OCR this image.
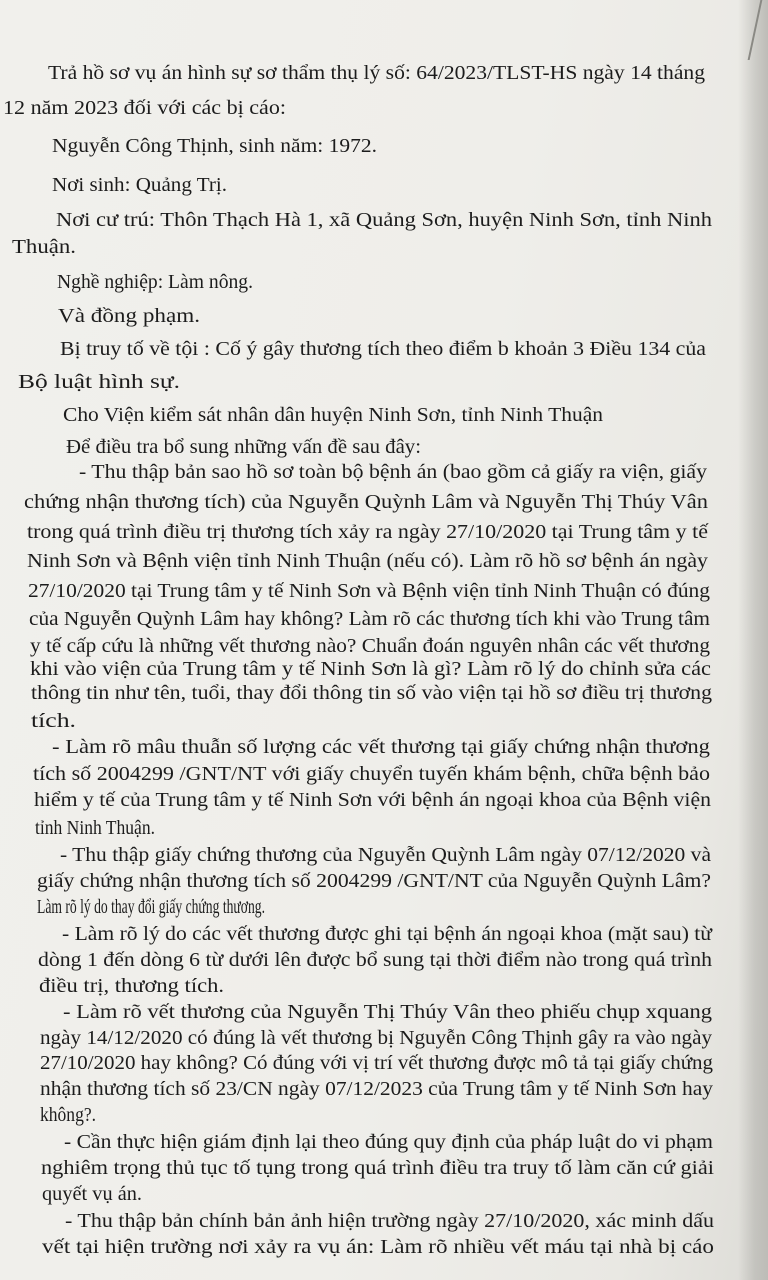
Trả hồ sơ vụ án hình sự sơ thẩm thụ lý số: 64/2023/TLST-HS ngày 14 tháng
12 năm 2023 đối với các bị cáo:
Nguyễn Công Thịnh, sinh năm: 1972.
Nơi sinh: Quảng Trị.
Nơi cư trú: Thôn Thạch Hà 1, xã Quảng Sơn, huyện Ninh Sơn, tỉnh Ninh
Thuận.
Nghề nghiệp: Làm nông.
Và đồng phạm.
Bị truy tố về tội : Cố ý gây thương tích theo điểm b khoản 3 Điều 134 của
Bộ luật hình sự.
Cho Viện kiểm sát nhân dân huyện Ninh Sơn, tỉnh Ninh Thuận
Để điều tra bổ sung những vấn đề sau đây:
- Thu thập bản sao hồ sơ toàn bộ bệnh án (bao gồm cả giấy ra viện, giấy
chứng nhận thương tích) của Nguyễn Quỳnh Lâm và Nguyễn Thị Thúy Vân
trong quá trình điều trị thương tích xảy ra ngày 27/10/2020 tại Trung tâm y tế
Ninh Sơn và Bệnh viện tỉnh Ninh Thuận (nếu có). Làm rõ hồ sơ bệnh án ngày
27/10/2020 tại Trung tâm y tế Ninh Sơn và Bệnh viện tỉnh Ninh Thuận có đúng
của Nguyễn Quỳnh Lâm hay không? Làm rõ các thương tích khi vào Trung tâm
y tế cấp cứu là những vết thương nào? Chuẩn đoán nguyên nhân các vết thương
khi vào viện của Trung tâm y tế Ninh Sơn là gì? Làm rõ lý do chỉnh sửa các
thông tin như tên, tuổi, thay đổi thông tin số vào viện tại hồ sơ điều trị thương
tích.
- Làm rõ mâu thuẫn số lượng các vết thương tại giấy chứng nhận thương
tích số 2004299 /GNT/NT với giấy chuyển tuyến khám bệnh, chữa bệnh bảo
hiểm y tế của Trung tâm y tế Ninh Sơn với bệnh án ngoại khoa của Bệnh viện
tỉnh Ninh Thuận.
- Thu thập giấy chứng thương của Nguyễn Quỳnh Lâm ngày 07/12/2020 và
giấy chứng nhận thương tích số 2004299 /GNT/NT của Nguyễn Quỳnh Lâm?
Làm rõ lý do thay đổi giấy chứng thương.
- Làm rõ lý do các vết thương được ghi tại bệnh án ngoại khoa (mặt sau) từ
dòng 1 đến dòng 6 từ dưới lên được bổ sung tại thời điểm nào trong quá trình
điều trị, thương tích.
- Làm rõ vết thương của Nguyễn Thị Thúy Vân theo phiếu chụp xquang
ngày 14/12/2020 có đúng là vết thương bị Nguyễn Công Thịnh gây ra vào ngày
27/10/2020 hay không? Có đúng với vị trí vết thương được mô tả tại giấy chứng
nhận thương tích số 23/CN ngày 07/12/2023 của Trung tâm y tế Ninh Sơn hay
không?.
- Cần thực hiện giám định lại theo đúng quy định của pháp luật do vi phạm
nghiêm trọng thủ tục tố tụng trong quá trình điều tra truy tố làm căn cứ giải
quyết vụ án.
- Thu thập bản chính bản ảnh hiện trường ngày 27/10/2020, xác minh dấu
vết tại hiện trường nơi xảy ra vụ án: Làm rõ nhiều vết máu tại nhà bị cáo
